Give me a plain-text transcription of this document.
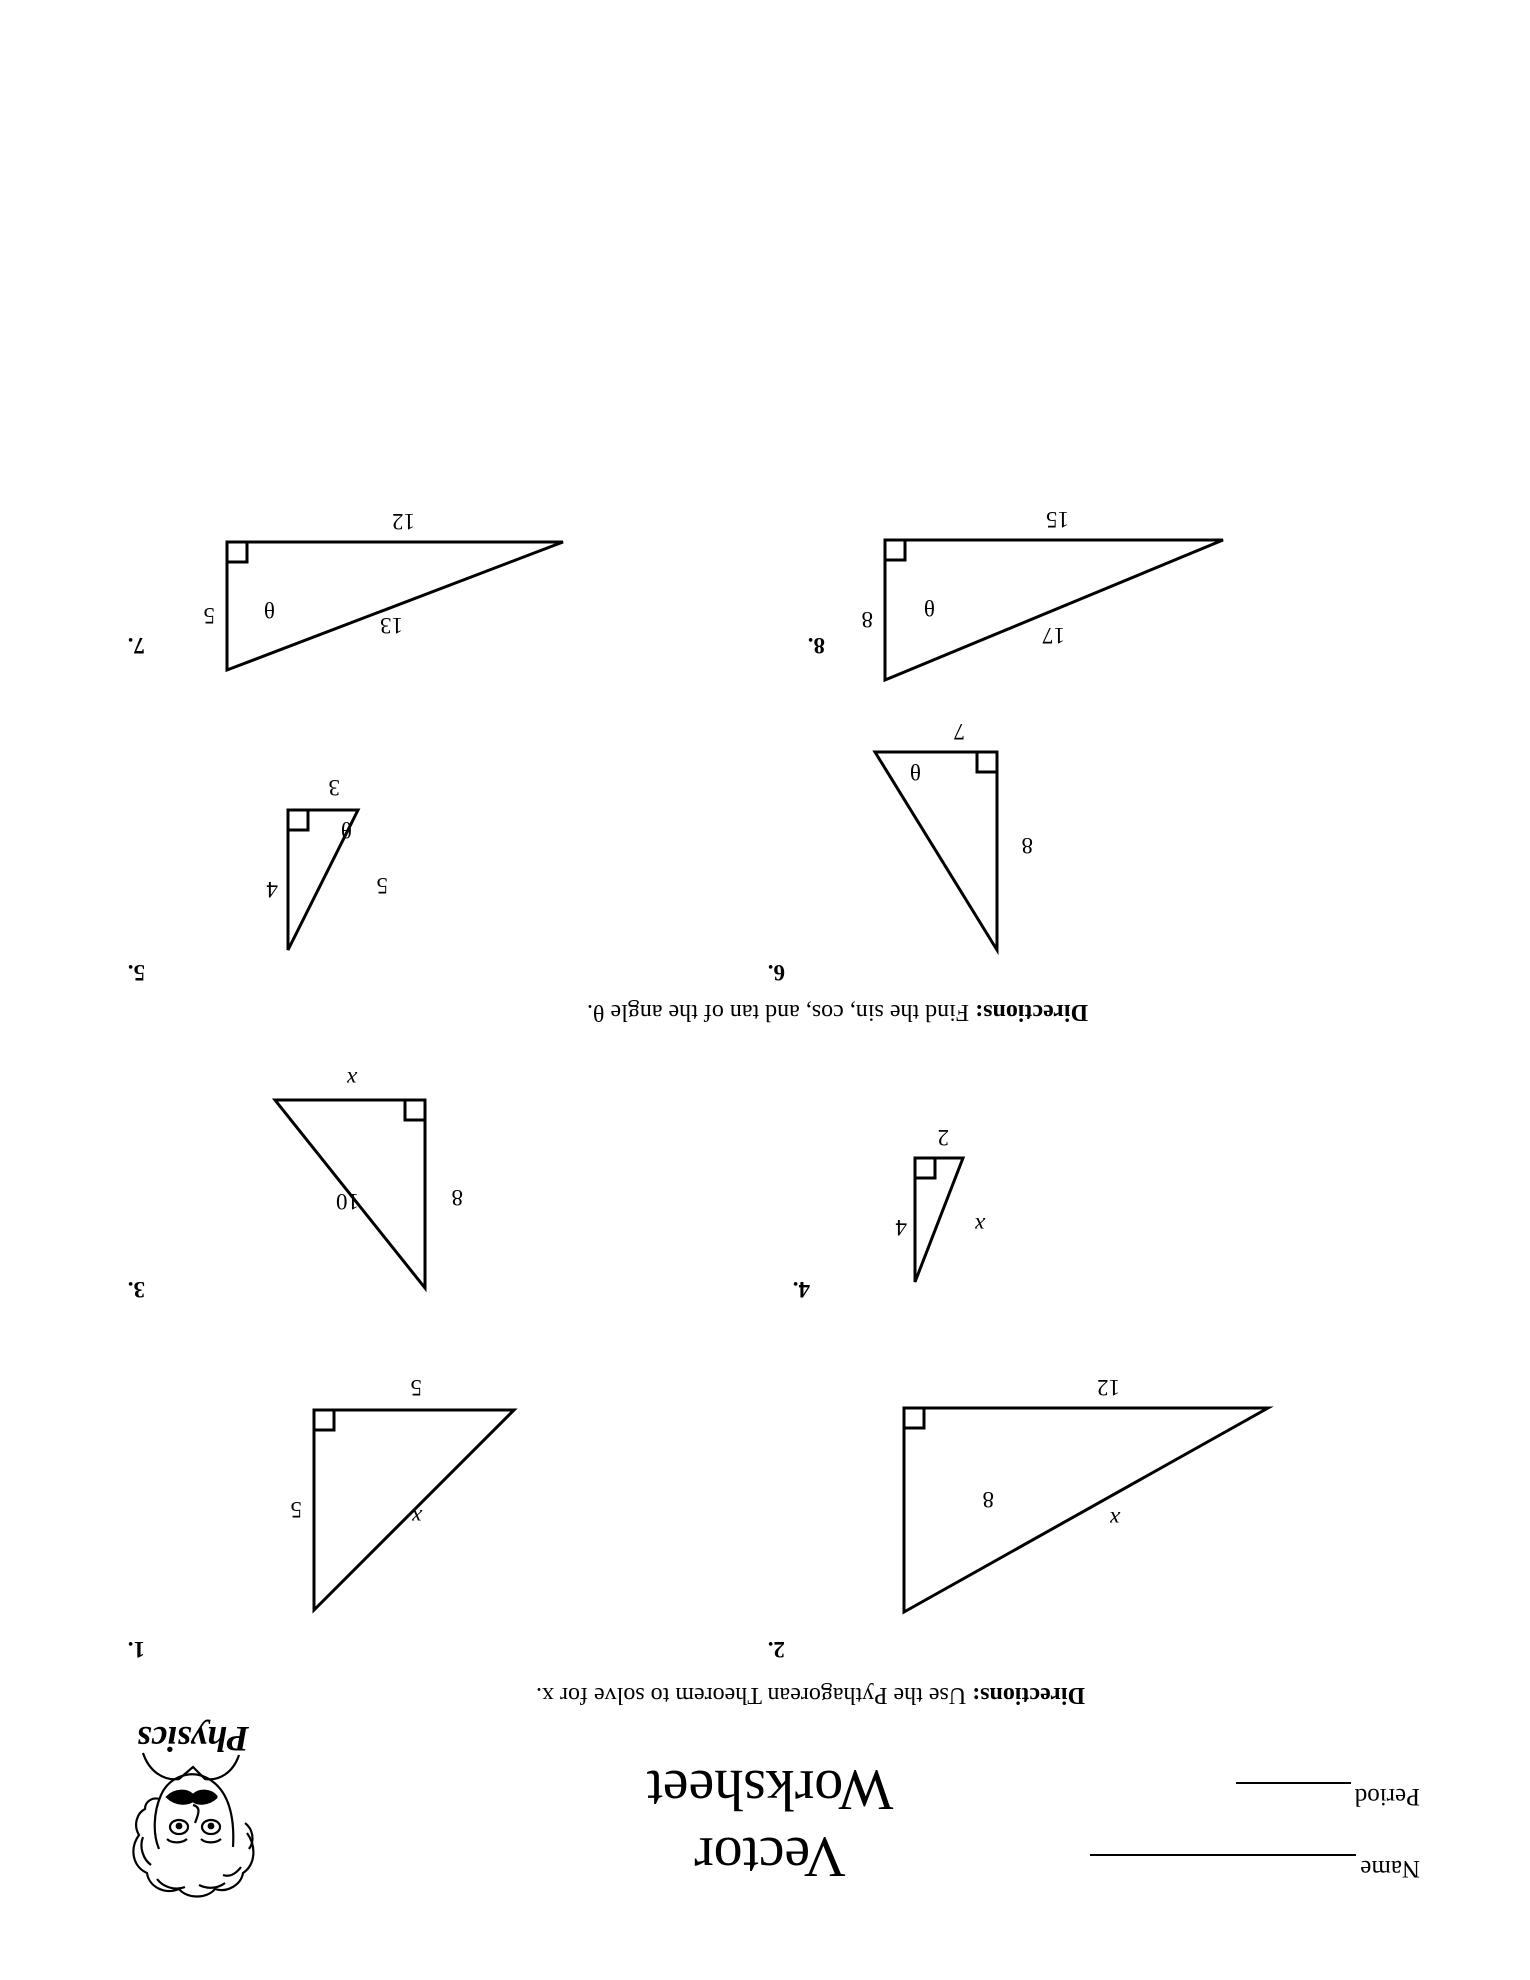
Name
Period
Vector
Worksheet
Physics
Directions: Use the Pythagorean Theorem to solve for x.
1.
x
5
5
2.
x
8
12
3.
8
10
x
4.
x
4
2
Directions: Find the sin, cos, and tan of the angle θ.
5.
5
4
3
θ
6.
8
7
θ
7.
5	13
12
θ
8.
8
17
15
θ
